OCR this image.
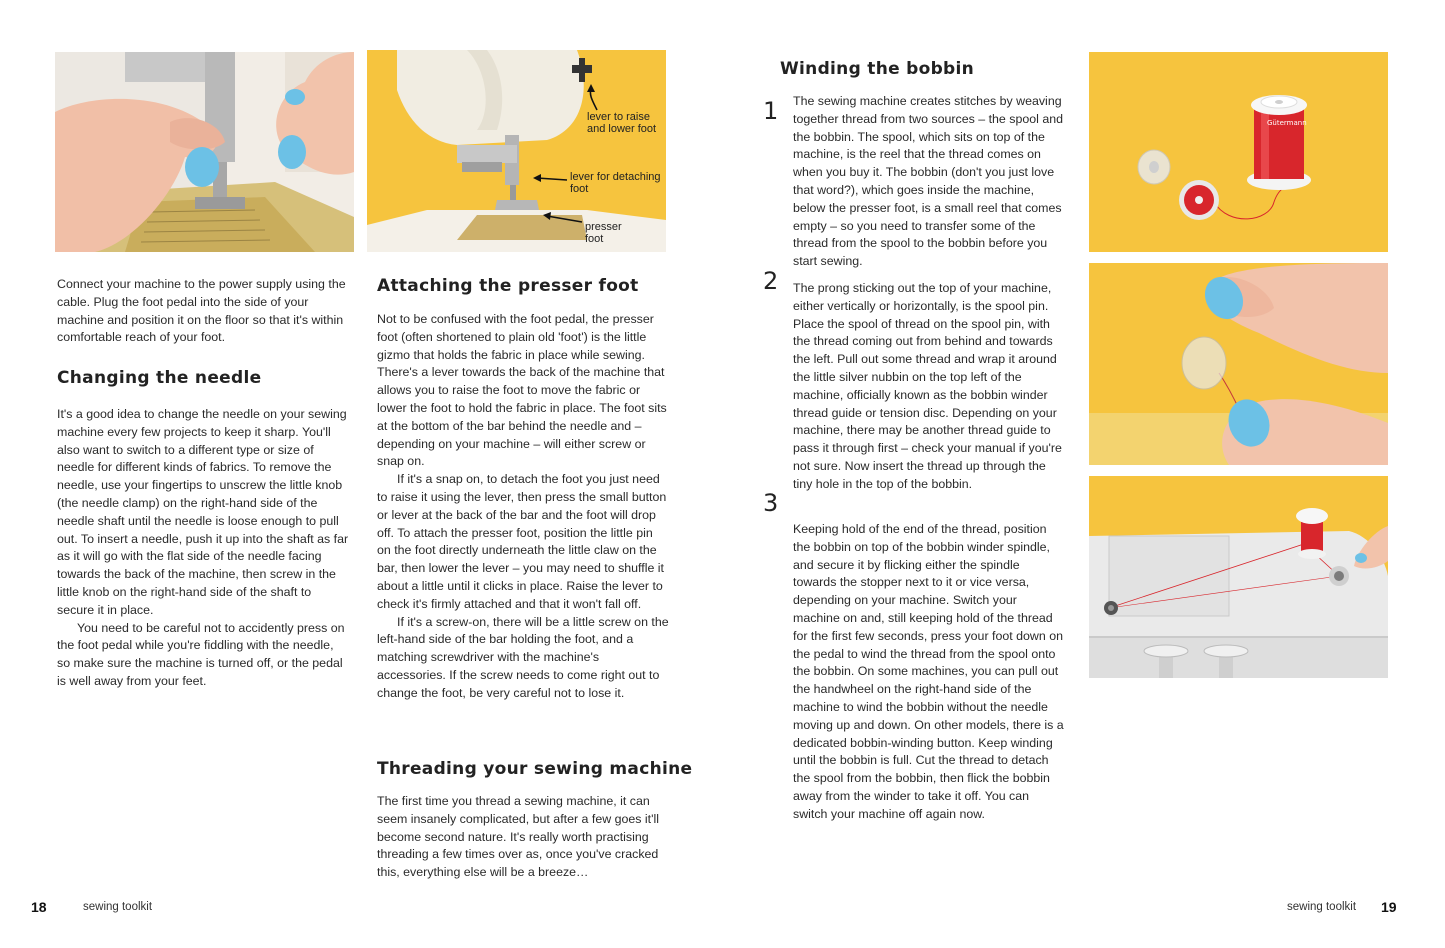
lever to raise and lower foot
lever for detaching foot
presser foot

Connect your machine to the power supply using the cable. Plug the foot pedal into the side of your machine and position it on the floor so that it's within comfortable reach of your foot.

Changing the needle

It's a good idea to change the needle on your sewing machine every few projects to keep it sharp. You'll also want to switch to a different type or size of needle for different kinds of fabrics. To remove the needle, use your fingertips to unscrew the little knob (the needle clamp) on the right-hand side of the needle shaft until the needle is loose enough to pull out. To insert a needle, push it up into the shaft as far as it will go with the flat side of the needle facing towards the back of the machine, then screw in the little knob on the right-hand side of the shaft to secure it in place.

You need to be careful not to accidently press on the foot pedal while you're fiddling with the needle, so make sure the machine is turned off, or the pedal is well away from your feet.

Attaching the presser foot

Not to be confused with the foot pedal, the presser foot (often shortened to plain old 'foot') is the little gizmo that holds the fabric in place while sewing. There's a lever towards the back of the machine that allows you to raise the foot to move the fabric or lower the foot to hold the fabric in place. The foot sits at the bottom of the bar behind the needle and – depending on your machine – will either screw or snap on.

If it's a snap on, to detach the foot you just need to raise it using the lever, then press the small button or lever at the back of the bar and the foot will drop off. To attach the presser foot, position the little pin on the foot directly underneath the little claw on the bar, then lower the lever – you may need to shuffle it about a little until it clicks in place. Raise the lever to check it's firmly attached and that it won't fall off.

If it's a screw-on, there will be a little screw on the left-hand side of the bar holding the foot, and a matching screwdriver with the machine's accessories. If the screw needs to come right out to change the foot, be very careful not to lose it.

Threading your sewing machine

The first time you thread a sewing machine, it can seem insanely complicated, but after a few goes it'll become second nature. It's really worth practising threading a few times over as, once you've cracked this, everything else will be a breeze…

18	sewing toolkit
Winding the bobbin
1 The sewing machine creates stitches by weaving together thread from two sources – the spool and the bobbin. The spool, which sits on top of the machine, is the reel that the thread comes on when you buy it. The bobbin (don't you just love that word?), which goes inside the machine, below the presser foot, is a small reel that comes empty – so you need to transfer some of the thread from the spool to the bobbin before you start sewing.

2 The prong sticking out the top of your machine, either vertically or horizontally, is the spool pin. Place the spool of thread on the spool pin, with the thread coming out from behind and towards the left. Pull out some thread and wrap it around the little silver nubbin on the top left of the machine, officially known as the bobbin winder thread guide or tension disc. Depending on your machine, there may be another thread guide to pass it through first – check your manual if you're not sure. Now insert the thread up through the tiny hole in the top of the bobbin.

3

Keeping hold of the end of the thread, position the bobbin on top of the bobbin winder spindle, and secure it by flicking either the spindle towards the stopper next to it or vice versa, depending on your machine. Switch your machine on and, still keeping hold of the thread for the first few seconds, press your foot down on the pedal to wind the thread from the spool onto the bobbin. On some machines, you can pull out the handwheel on the right-hand side of the machine to wind the bobbin without the needle moving up and down. On other models, there is a dedicated bobbin-winding button. Keep winding until the bobbin is full. Cut the thread to detach the spool from the bobbin, then flick the bobbin away from the winder to take it off. You can switch your machine off again now.

Gütermann
sewing toolkit 19
